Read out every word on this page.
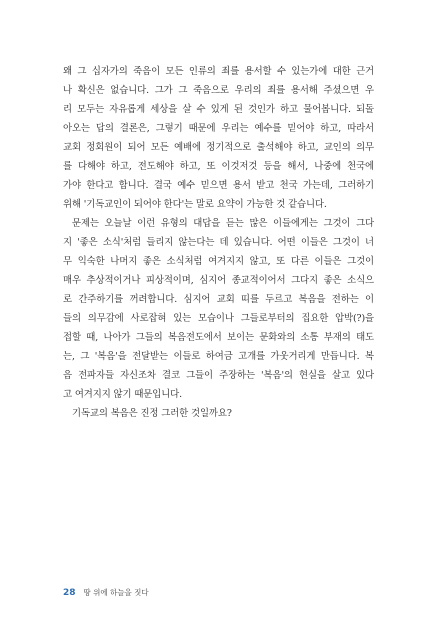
왜 그 십자가의 죽음이 모든 인류의 죄를 용서할 수 있는가에 대한 근거
나 확신은 없습니다. 그가 그 죽음으로 우리의 죄를 용서해 주셨으면 우
리 모두는 자유롭게 세상을 살 수 있게 된 것인가 하고 물어봅니다. 되돌
아오는 답의 결론은, 그렇기 때문에 우리는 예수를 믿어야 하고, 따라서
교회 정회원이 되어 모든 예배에 정기적으로 출석해야 하고, 교인의 의무
를 다해야 하고, 전도해야 하고, 또 이것저것 등을 해서, 나중에 천국에
가야 한다고 합니다. 결국 예수 믿으면 용서 받고 천국 가는데, 그러하기
위해 '기독교인이 되어야 한다'는 말로 요약이 가능한 것 같습니다.
문제는 오늘날 이런 유형의 대답을 듣는 많은 이들에게는 그것이 그다
지 '좋은 소식'처럼 들리지 않는다는 데 있습니다. 어떤 이들은 그것이 너
무 익숙한 나머지 좋은 소식처럼 여겨지지 않고, 또 다른 이들은 그것이
매우 추상적이거나 피상적이며, 심지어 종교적이어서 그다지 좋은 소식으
로 간주하기를 꺼려합니다. 심지어 교회 띠를 두르고 복음을 전하는 이
들의 의무감에 사로잡혀 있는 모습이나 그들로부터의 집요한 압박(?)을
접할 때, 나아가 그들의 복음전도에서 보이는 문화와의 소통 부재의 태도
는, 그 '복음'을 전달받는 이들로 하여금 고개를 가웃거리게 만듭니다. 복
음 전파자들 자신조차 결코 그들이 주장하는 '복음'의 현실을 살고 있다
고 여겨지지 않기 때문입니다.
기독교의 복음은 진정 그러한 것일까요?
28 땅 위에 하늘을 짓다
